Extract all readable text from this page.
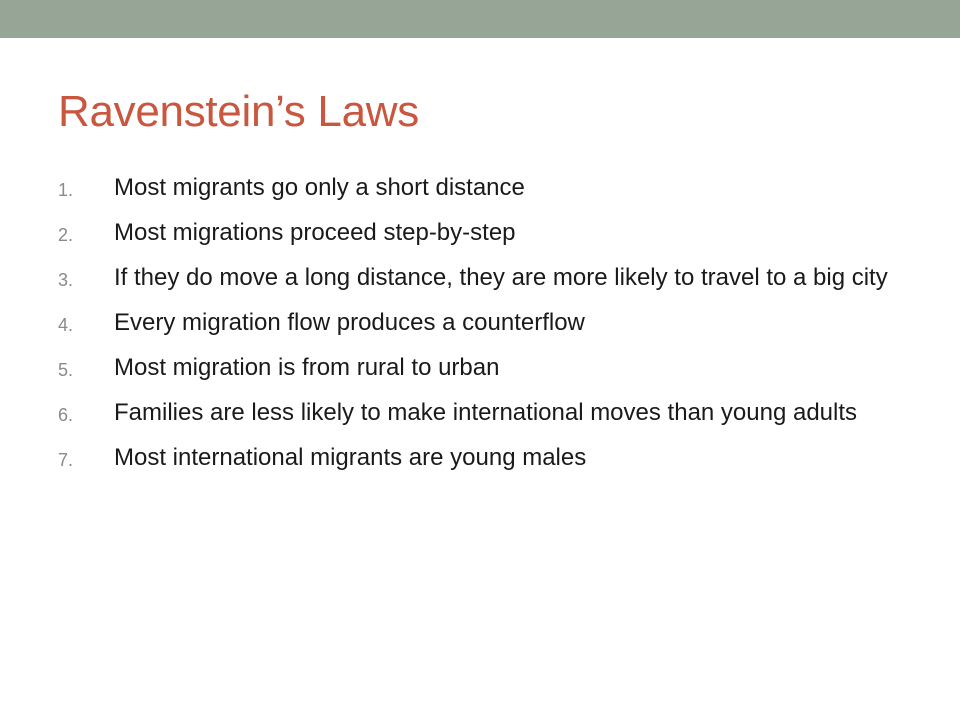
Ravenstein’s Laws
1.	Most migrants go only a short distance
2.	Most migrations proceed step-by-step
3.	If they do move a long distance, they are more likely to travel to a big city
4.	Every migration flow produces a counterflow
5.	Most migration is from rural to urban
6.	Families are less likely to make international moves than young adults
7.	Most international migrants are young males
